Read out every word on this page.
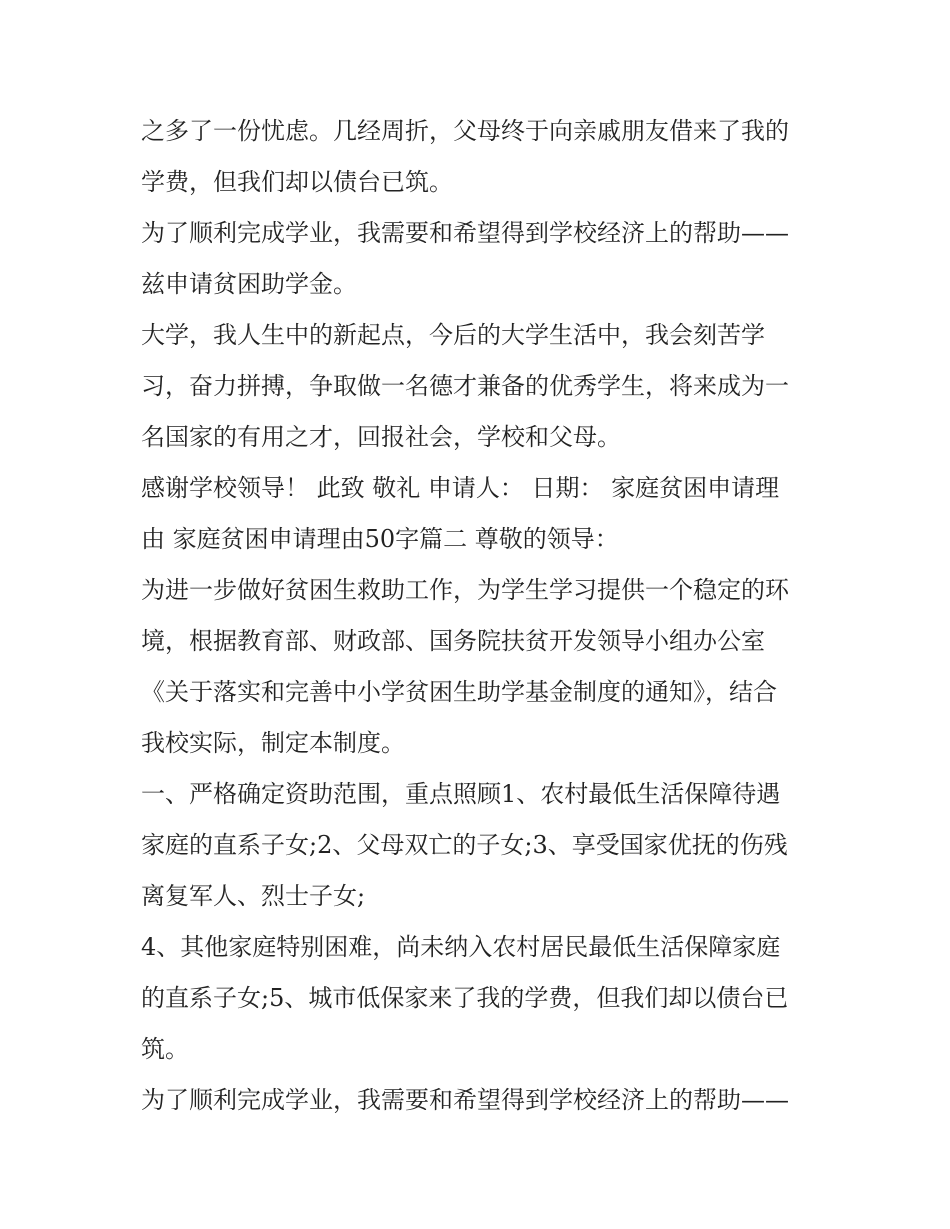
之多了一份忧虑。几经周折，父母终于向亲戚朋友借来了我的
学费，但我们却以债台已筑。
为了顺利完成学业，我需要和希望得到学校经济上的帮助——
兹申请贫困助学金。
大学，我人生中的新起点，今后的大学生活中，我会刻苦学
习，奋力拼搏，争取做一名德才兼备的优秀学生，将来成为一
名国家的有用之才，回报社会，学校和父母。
感谢学校领导！ 此致 敬礼 申请人： 日期： 家庭贫困申请理
由 家庭贫困申请理由50字篇二 尊敬的领导：
为进一步做好贫困生救助工作，为学生学习提供一个稳定的环
境，根据教育部、财政部、国务院扶贫开发领导小组办公室
《关于落实和完善中小学贫困生助学基金制度的通知》，结合
我校实际，制定本制度。
一、严格确定资助范围，重点照顾1、农村最低生活保障待遇
家庭的直系子女;2、父母双亡的子女;3、享受国家优抚的伤残
离复军人、烈士子女;
4、其他家庭特别困难，尚未纳入农村居民最低生活保障家庭
的直系子女;5、城市低保家来了我的学费，但我们却以债台已
筑。
为了顺利完成学业，我需要和希望得到学校经济上的帮助——
